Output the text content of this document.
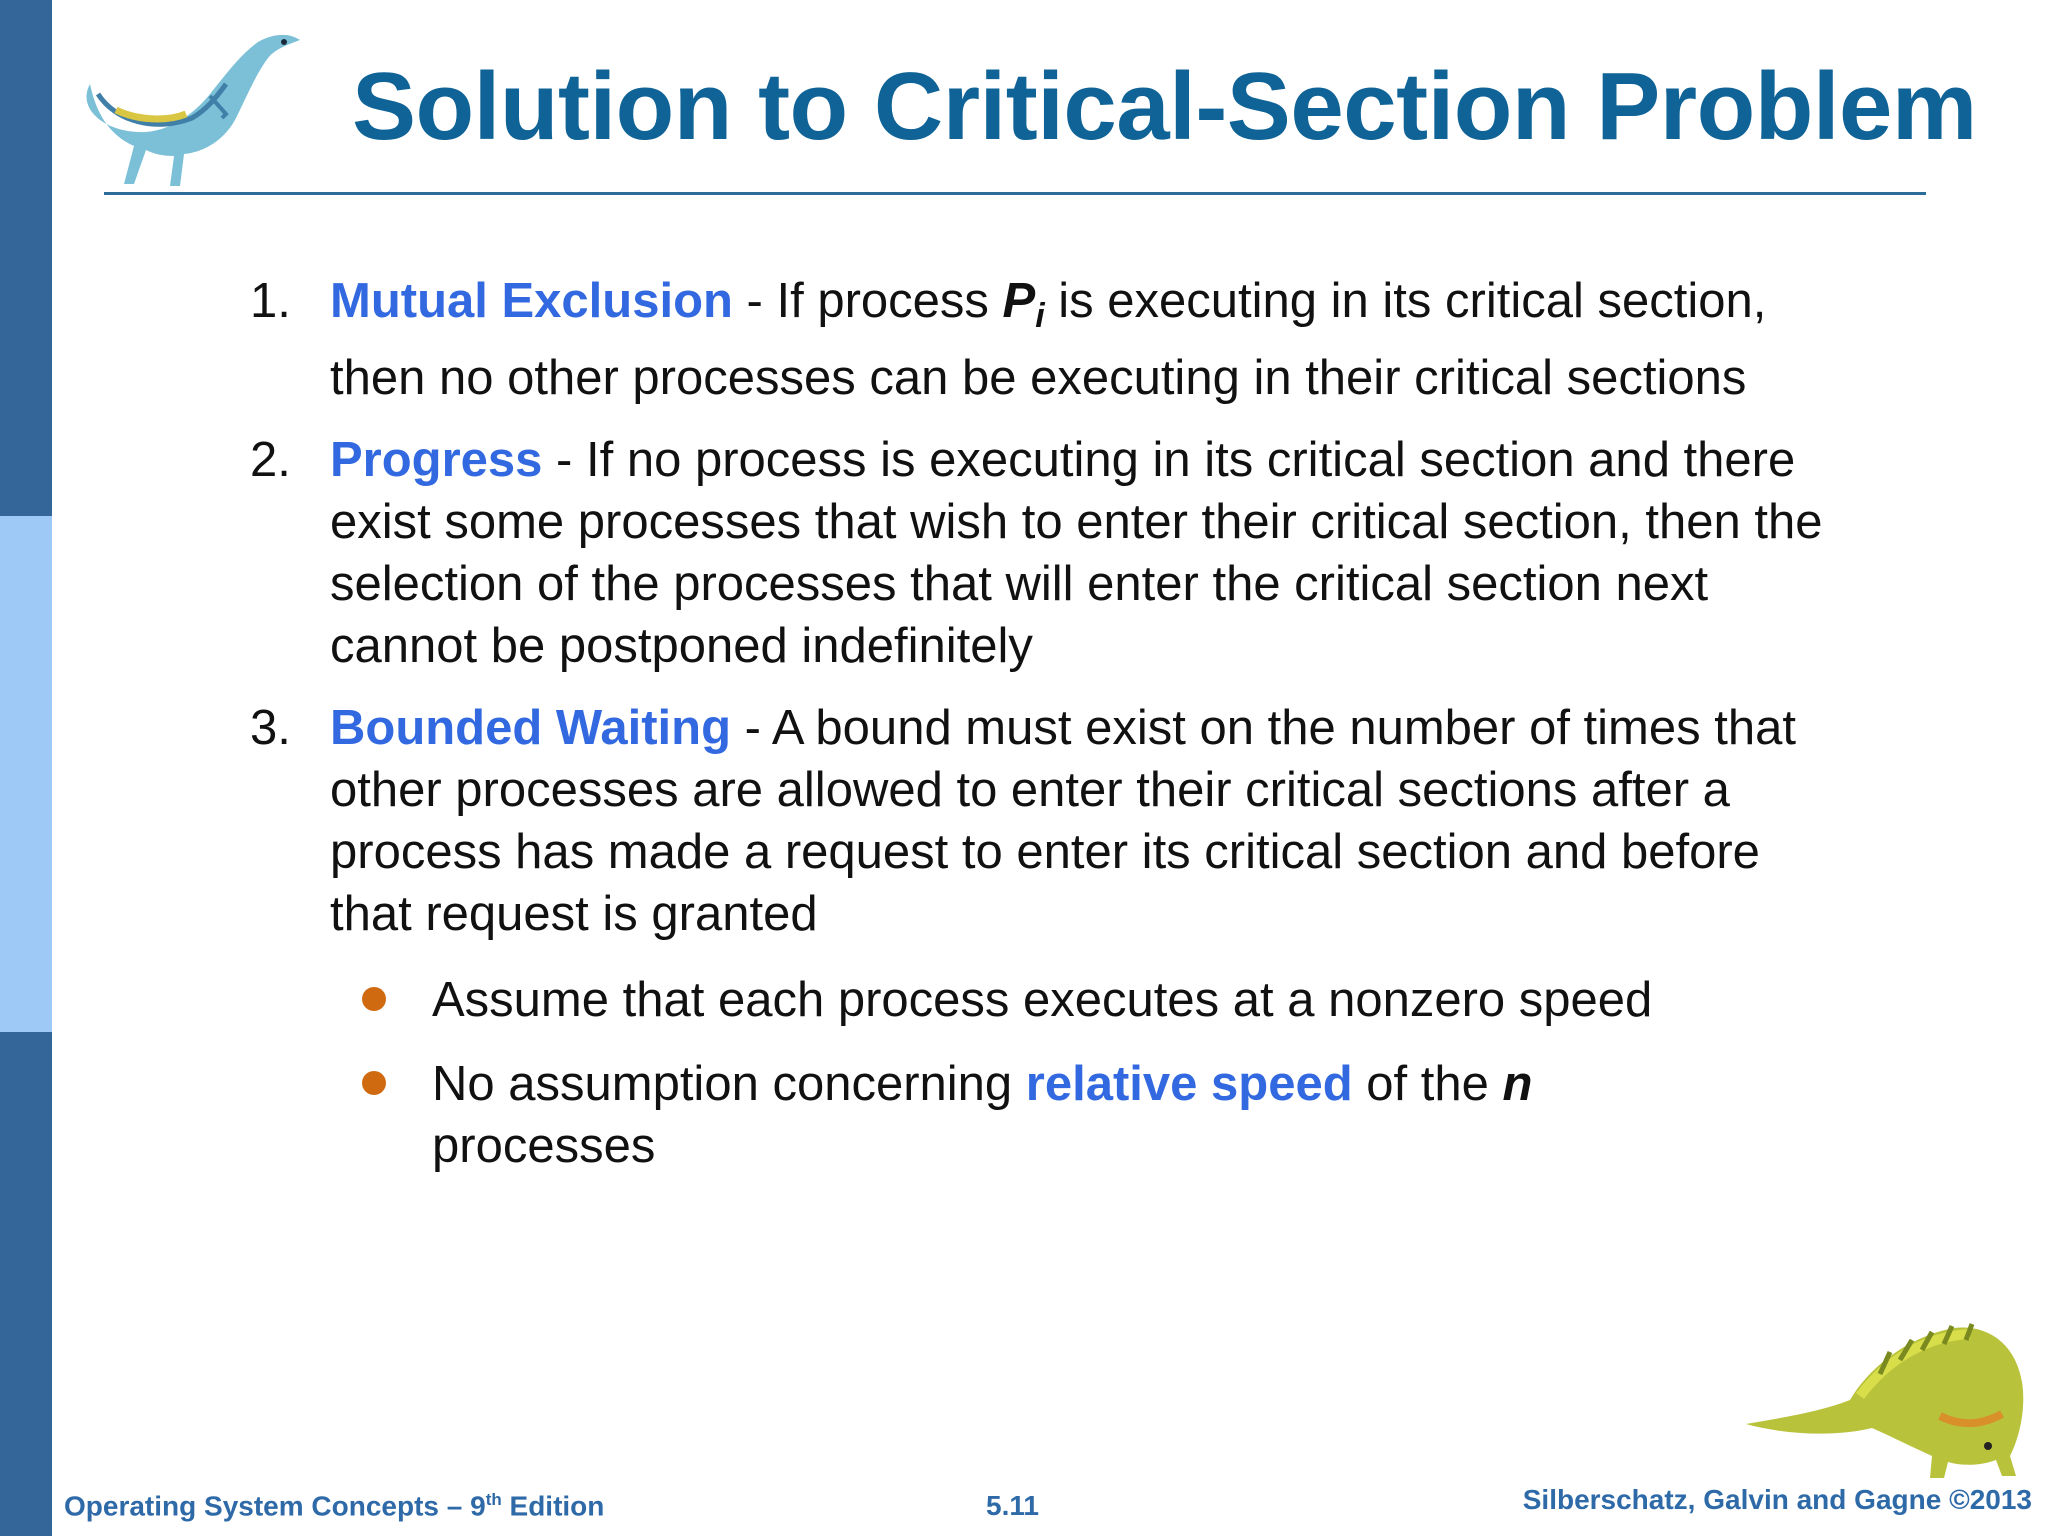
Solution to Critical-Section Problem
1. Mutual Exclusion - If process $P_i$ is executing in its critical section, then no other processes can be executing in their critical sections
2. Progress - If no process is executing in its critical section and there exist some processes that wish to enter their critical section, then the selection of the processes that will enter the critical section next cannot be postponed indefinitely
3. Bounded Waiting - A bound must exist on the number of times that other processes are allowed to enter their critical sections after a process has made a request to enter its critical section and before that request is granted
Assume that each process executes at a nonzero speed
No assumption concerning relative speed of the n processes
Operating System Concepts – 9th Edition	5.11	Silberschatz, Galvin and Gagne ©2013
